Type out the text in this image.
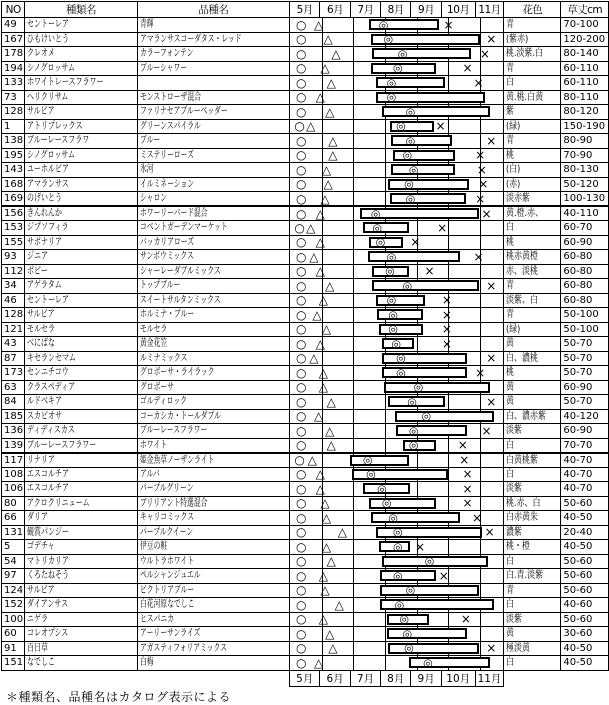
NO	種類名	品種名	5月	6月	7月	8月	9月	10月	11月	花色	草丈cm
49	セントーレア	青輝	○ △ ◎ ×							青	70-100
167	ひもけいとう	アマランサスコーダタス・レッド	○ △ ◎ ×							(紫赤)	120-200
178	クレオメ	カラーフォンテン	○ △ ◎ ×							桃.淡紫.白	80-140
194	シノグロッサム	ブルーシャワー	○ △ ◎ ×							青	60-110
133	ホワイトレースフラワー		○ △ ◎ ×							白	60-110
73	ヘリクリサム	モンストローザ混合	○ △ ◎							黄.桃.白黄	80-110
128	サルビア	ファリナセアブルーベッダー	○ △ ◎							紫	80-120
1	アトリプレックス	グリーンスパイラル	○ △ ◎ ×							(緑)	150-190
138	ブルーレースフラワ	ブルー	○ △ ◎ ×							青	80-90
195	シノグロッサム	ミステリーローズ	○ △ ◎ ×							桃	70-90
143	ユーホルビア	氷河	○ △ ◎ ×							(白)	80-130
168	アマランサス	イルミネーション	○ △ ◎ ×							(赤)	50-120
169	のげいとう	シャロン	○ △ ◎ ×							淡赤紫	100-130
156	きんれんか	ホワーリーバード混合	○ △ ◎ ×							黄.橙.赤、	40-110
153	ジプソフィラ	コベントガーデンマーケット	○ △ ◎ ×							白	60-70
155	サポナリア	バッカリアローズ	○ △ ◎ ×							桃	60-90
93	ジニア	サンボウミックス	○ △ ◎ ×							桃赤黄橙	60-80
112	ポピー	シャーレーダブルミックス	○ △ ◎ ×							赤、淡桃	60-80
34	アゲラタム	トップブルー	○ △ ◎ ×							青	60-80
46	セントーレア	スイートサルタンミックス	○ △ ◎ ×							淡紫、白	60-80
128	サルビア	ホルミナ・ブルー	○ △ ◎ ×							青	50-100
121	モルセラ	モルセラ	○ △ ◎ ×							(緑)	50-100
43	べにばな	黄金花笠	○ △ ◎ ×							黄	50-70
87	キセランセマム	ルミナミックス	○ △ ◎ ×							白、濃桃	50-70
173	センニチコウ	グロボーサ・ライラック	○ △ ◎ ×							桃	50-70
63	クラスペディア	グロボーサ	○ △ ◎							黄	60-90
84	ルドベキア	ゴルディロック	○ △ ◎ ×							黄	50-70
185	スカビオサ	コーカシカ・トールダブル	○ △ ◎							白、濃赤紫	40-120
136	ディディスカス	ブルーレースフラワー	○ △ ◎ ×							淡紫	60-90
139	ブルーレースフラワー	ホワイト	○ △ ◎ ×							白	70-70
117	リナリア	姫金魚草ノーザンライト	○ △ ◎ ×							白黄桃紫	40-70
108	エスコルチア	アルバ	○ △ ◎ ×							白	40-70
106	エスコルチア	パープルグリーン	○ △ ◎ ×							淡紫	40-70
80	アクロクリニューム	ブリリアント特選混合	○ △ ◎ ×							桃.赤、白	50-60
66	ダリア	キャリコミックス	○ △ ◎ ×							白赤黄朱	40-50
131	観賞パンジー	パープルクイーン	○ △ ◎ ×							濃紫	20-40
5	ゴデチャ	伊豆の粧	○ △ ◎ ×							桃・橙	40-50
54	マトリカリア	ウルトラホワイト	○ △ ◎							白	50-60
97	くろたねそう	ペルシャンジュエル	○ △ ◎ ×							白.青.淡紫	50-60
124	サルビア	ビクトリアブルー	○ △ ◎							青	50-60
152	ダイアンサス	白花河原なでしこ	○ △ ◎							白	40-60
100	ニゲラ	ヒスパニカ	○ △ ◎ ×							淡紫	50-60
60	コレオプシス	アーリーサンライズ	○ △ ◎							黄	30-60
91	百日草	アガスティフォリアミックス	○ △ ◎ ×							極淡黄	40-50
151	なでしこ	白梅	○ △ ◎							白	40-50
			5月	6月	7月	8月	9月	10月	11月		
＊種類名、品種名はカタログ表示による
